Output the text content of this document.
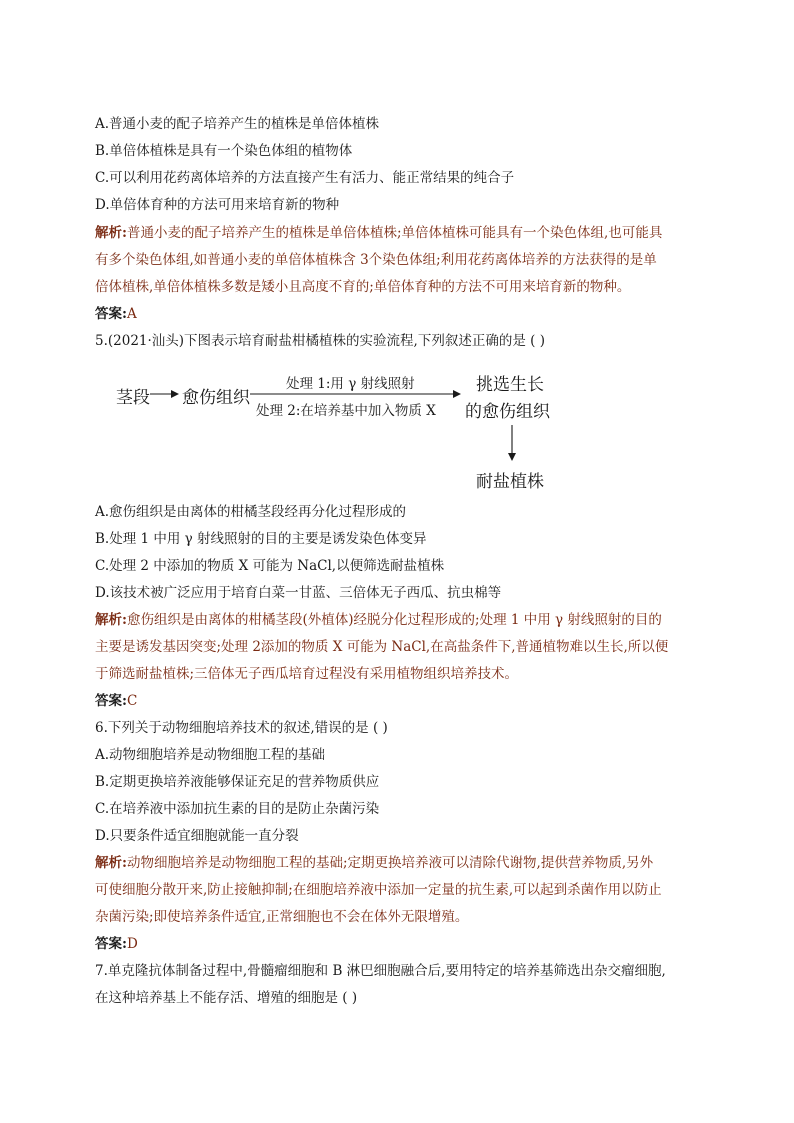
A.普通小麦的配子培养产生的植株是单倍体植株
B.单倍体植株是具有一个染色体组的植物体
C.可以利用花药离体培养的方法直接产生有活力、能正常结果的纯合子
D.单倍体育种的方法可用来培育新的物种
解析:普通小麦的配子培养产生的植株是单倍体植株;单倍体植株可能具有一个染色体组,也可能具
有多个染色体组,如普通小麦的单倍体植株含 3个染色体组;利用花药离体培养的方法获得的是单
倍体植株,单倍体植株多数是矮小且高度不育的;单倍体育种的方法不可用来培育新的物种。
答案:A
5.(2021·汕头)下图表示培育耐盐柑橘植株的实验流程,下列叙述正确的是 ( )
茎段 愈伤组织
处理 1:用 γ 射线照射
处理 2:在培养基中加入物质 X
挑选生长
的愈伤组织
耐盐植株
A.愈伤组织是由离体的柑橘茎段经再分化过程形成的
B.处理 1 中用 γ 射线照射的目的主要是诱发染色体变异
C.处理 2 中添加的物质 X 可能为 NaCl,以便筛选耐盐植株
D.该技术被广泛应用于培育白菜一甘蓝、三倍体无子西瓜、抗虫棉等
解析:愈伤组织是由离体的柑橘茎段(外植体)经脱分化过程形成的;处理 1 中用 γ 射线照射的目的
主要是诱发基因突变;处理 2添加的物质 X 可能为 NaCl,在高盐条件下,普通植物难以生长,所以便
于筛选耐盐植株;三倍体无子西瓜培育过程没有采用植物组织培养技术。
答案:C
6.下列关于动物细胞培养技术的叙述,错误的是 ( )
A.动物细胞培养是动物细胞工程的基础
B.定期更换培养液能够保证充足的营养物质供应
C.在培养液中添加抗生素的目的是防止杂菌污染
D.只要条件适宜细胞就能一直分裂
解析:动物细胞培养是动物细胞工程的基础;定期更换培养液可以清除代谢物,提供营养物质,另外
可使细胞分散开来,防止接触抑制;在细胞培养液中添加一定量的抗生素,可以起到杀菌作用以防止
杂菌污染;即使培养条件适宜,正常细胞也不会在体外无限增殖。
答案:D
7.单克隆抗体制备过程中,骨髓瘤细胞和 B 淋巴细胞融合后,要用特定的培养基筛选出杂交瘤细胞,
在这种培养基上不能存活、增殖的细胞是 ( )
